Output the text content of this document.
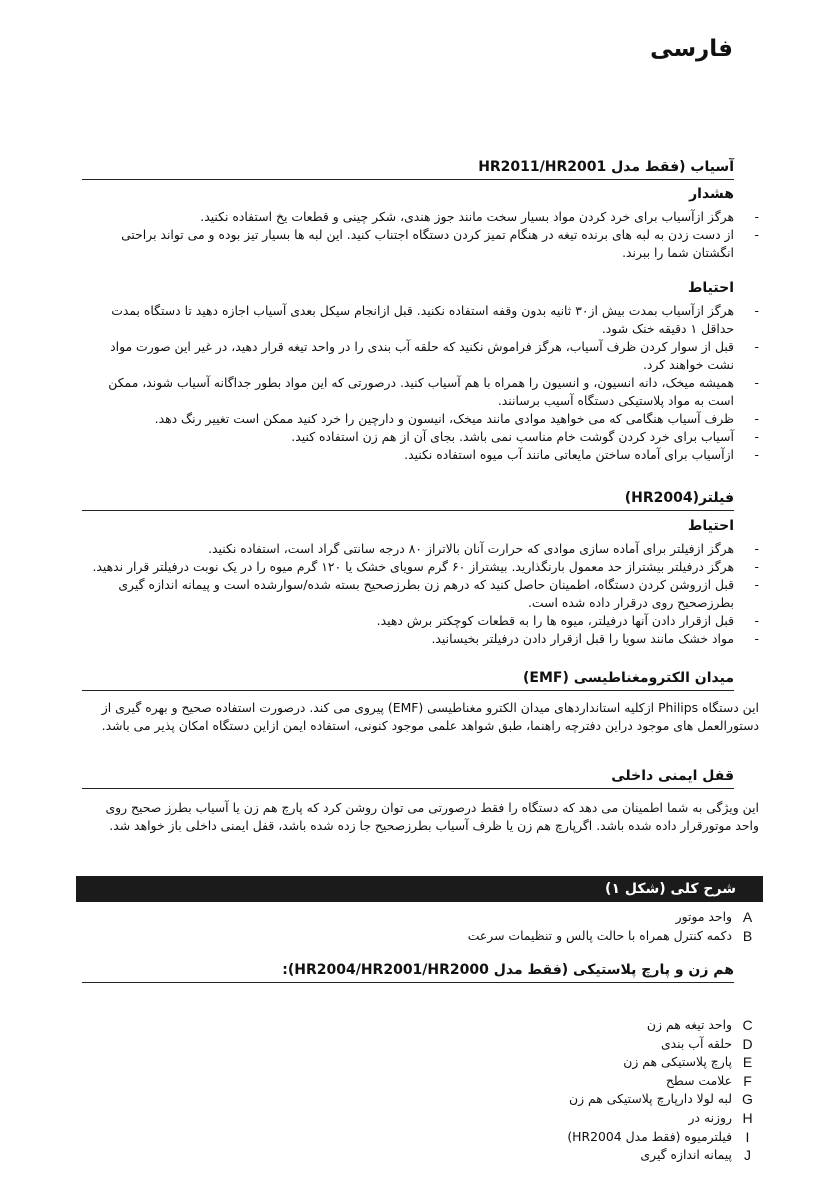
فارسی
آسیاب (فقط مدل HR2011/HR2001
هشدار
- هرگز ازآسیاب برای خرد کردن مواد بسیار سخت مانند جوز هندی، شکر چینی و قطعات یخ استفاده نکنید.
- از دست زدن به لبه های برنده تیغه در هنگام تمیز کردن دستگاه اجتناب کنید. این لبه ها بسیار تیز بوده و می تواند براحتی انگشتان شما را ببرند.
احتیاط
- هرگز ازآسیاب بمدت بیش از۳۰ ثانیه بدون وقفه استفاده نکنید. قبل ازانجام سیکل بعدی آسیاب اجازه دهید تا دستگاه بمدت حداقل ۱ دقیقه خنک شود.
- قبل از سوار کردن ظرف آسیاب، هرگز فراموش نکنید که حلقه آب بندی را در واحد تیغه قرار دهید، در غیر این صورت مواد نشت خواهند کرد.
- همیشه میخک، دانه انسیون، و انسیون را همراه با هم آسیاب کنید. درصورتی که این مواد بطور جداگانه آسیاب شوند، ممکن است به مواد پلاستیکی دستگاه آسیب برسانند.
- ظرف آسیاب هنگامی که می خواهید موادی مانند میخک، انیسون و دارچین را خرد کنید ممکن است تغییر رنگ دهد.
- آسیاب برای خرد کردن گوشت خام مناسب نمی باشد. بجای آن از هم زن استفاده کنید.
- ازآسیاب برای آماده ساختن مایعاتی مانند آب میوه استفاده نکنید.
فیلتر(HR2004)
احتیاط
- هرگز ازفیلتر برای آماده سازی موادی که حرارت آنان بالاتراز ۸۰ درجه سانتی گراد است، استفاده نکنید.
- هرگز درفیلتر بیشتراز حد معمول بارنگذارید. بیشتراز ۶۰ گرم سویای خشک یا ۱۲۰ گرم میوه را در یک نوبت درفیلتر قرار ندهید.
- قبل ازروشن کردن دستگاه، اطمینان حاصل کنید که درهم زن بطرزصحیح بسته شده/سوارشده است و پیمانه اندازه گیری بطرزصحیح روی درقرار داده شده است.
- قبل ازقرار دادن آنها درفیلتر، میوه ها را به قطعات کوچکتر برش دهید.
- مواد خشک مانند سویا را قبل ازقرار دادن درفیلتر بخیسانید.
میدان الکترومغناطیسی (EMF)

این دستگاه Philips ازکلیه استانداردهای میدان الکترو مغناطیسی (EMF) پیروی می کند. درصورت استفاده صحیح و بهره گیری از دستورالعمل های موجود دراین دفترچه راهنما، طبق شواهد علمی موجود کنونی، استفاده ایمن ازاین دستگاه امکان پذیر می باشد.

قفل ایمنی داخلی

این ویژگی به شما اطمینان می دهد که دستگاه را فقط درصورتی می توان روشن کرد که پارچ هم زن یا آسیاب بطرز صحیح روی واحد موتورقرار داده شده باشد. اگرپارچ هم زن یا ظرف آسیاب بطرزصحیح جا زده شده باشد، قفل ایمنی داخلی باز خواهد شد.

شرح کلی (شکل ۱)
A
واحد موتور
B
دکمه کنترل همراه با حالت پالس و تنظیمات سرعت
هم زن و پارچ پلاستیکی (فقط مدل HR2004/HR2001/HR2000):
C
واحد تیغه هم زن
D
حلقه آب بندی
E
پارچ پلاستیکی هم زن
F
علامت سطح
G
لبه لولا دارپارچ پلاستیکی هم زن
H
روزنه در
I
فیلترمیوه (فقط مدل HR2004)
J
پیمانه اندازه گیری
